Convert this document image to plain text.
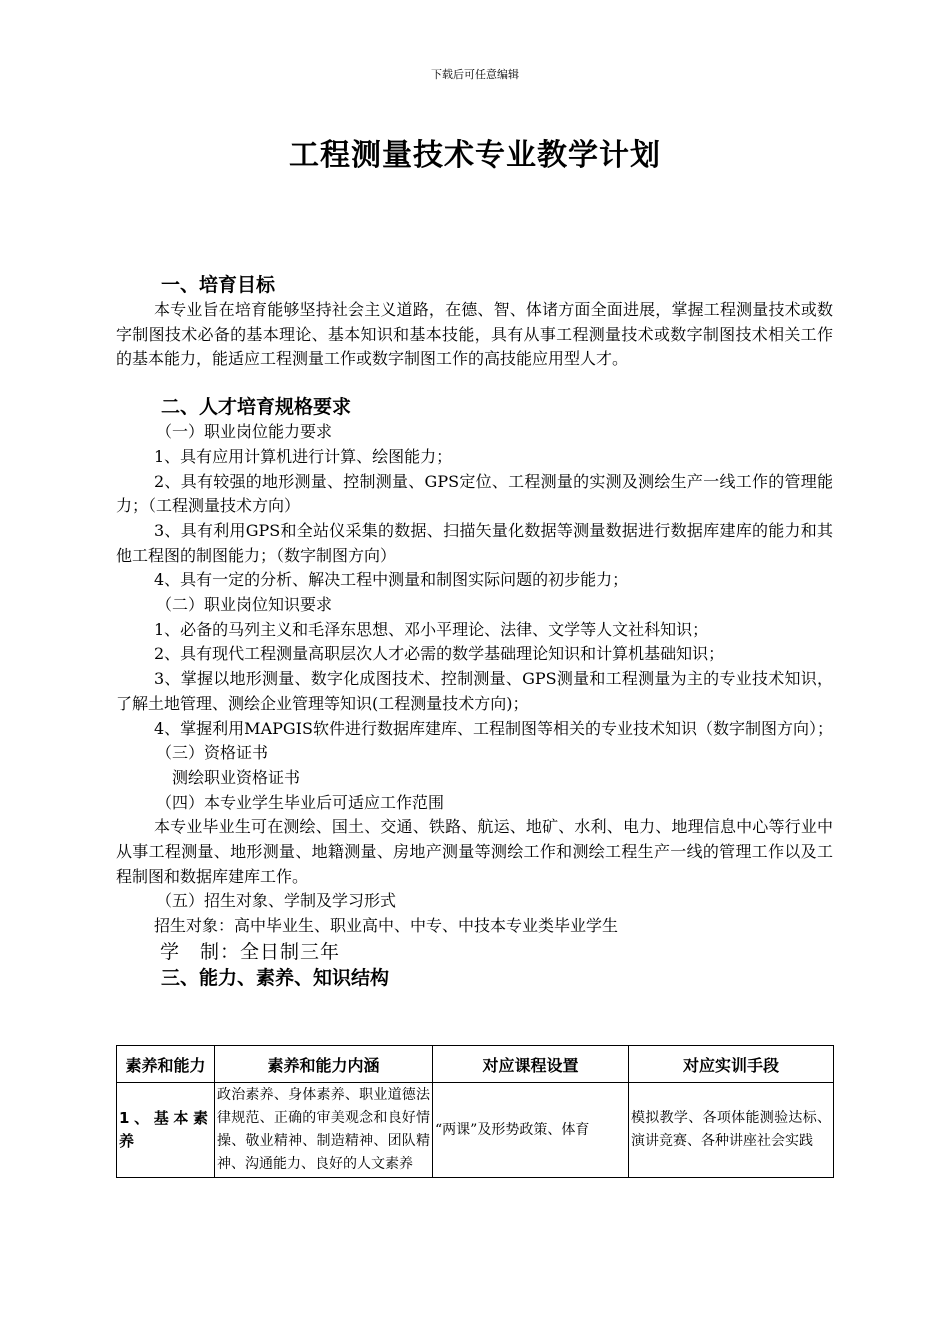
下载后可任意编辑
工程测量技术专业教学计划
一、培育目标

本专业旨在培育能够坚持社会主义道路，在德、智、体诸方面全面进展，掌握工程测量技术或数字制图技术必备的基本理论、基本知识和基本技能，具有从事工程测量技术或数字制图技术相关工作的基本能力，能适应工程测量工作或数字制图工作的高技能应用型人才。

二、人才培育规格要求

（一）职业岗位能力要求

1、具有应用计算机进行计算、绘图能力；

2、具有较强的地形测量、控制测量、GPS定位、工程测量的实测及测绘生产一线工作的管理能力；（工程测量技术方向）

3、具有利用GPS和全站仪采集的数据、扫描矢量化数据等测量数据进行数据库建库的能力和其他工程图的制图能力；（数字制图方向）

4、具有一定的分析、解决工程中测量和制图实际问题的初步能力；

（二）职业岗位知识要求

1、必备的马列主义和毛泽东思想、邓小平理论、法律、文学等人文社科知识；

2、具有现代工程测量高职层次人才必需的数学基础理论知识和计算机基础知识；

3、掌握以地形测量、数字化成图技术、控制测量、GPS测量和工程测量为主的专业技术知识，了解土地管理、测绘企业管理等知识(工程测量技术方向)；

4、掌握利用MAPGIS软件进行数据库建库、工程制图等相关的专业技术知识（数字制图方向）；

（三）资格证书

测绘职业资格证书

（四）本专业学生毕业后可适应工作范围

本专业毕业生可在测绘、国土、交通、铁路、航运、地矿、水利、电力、地理信息中心等行业中从事工程测量、地形测量、地籍测量、房地产测量等测绘工作和测绘工程生产一线的管理工作以及工程制图和数据库建库工作。

（五）招生对象、学制及学习形式

招生对象：高中毕业生、职业高中、中专、中技本专业类毕业学生

学　制：全日制三年

三、能力、素养、知识结构
素养和能力	素养和能力内涵	对应课程设置	对应实训手段
1、基本素养	政治素养、身体素养、职业道德法律规范、正确的审美观念和良好情操、敬业精神、制造精神、团队精神、沟通能力、良好的人文素养	“两课”及形势政策、体育	模拟教学、各项体能测验达标、演讲竞赛、各种讲座社会实践
